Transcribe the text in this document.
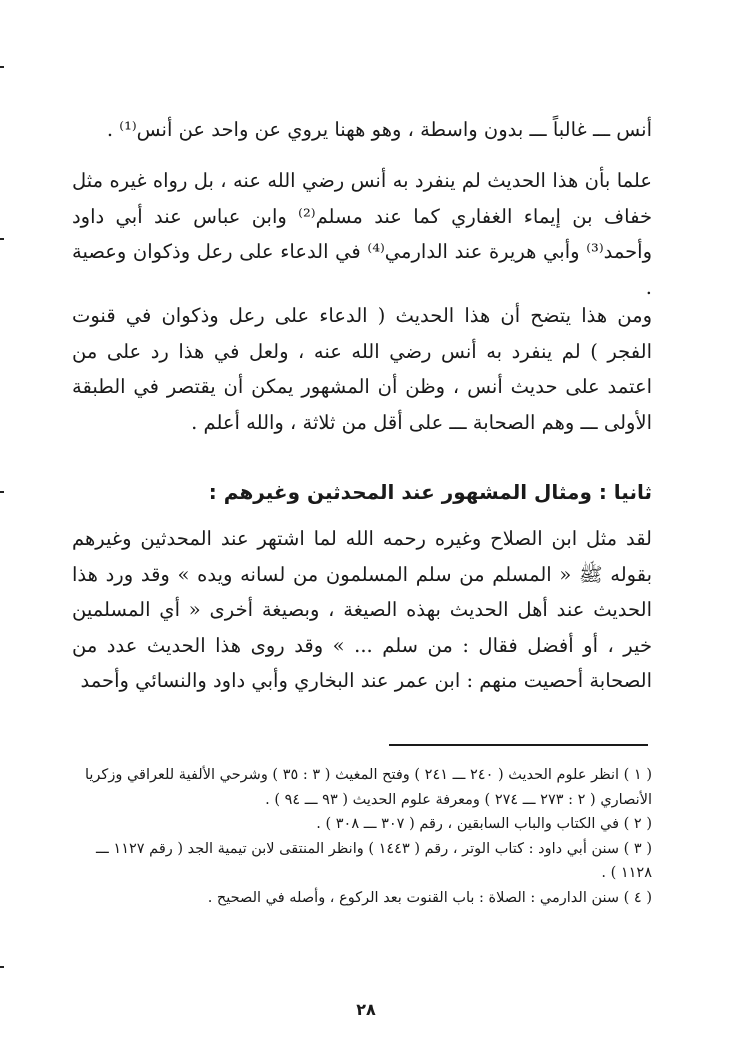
أنس ـــ غالباً ـــ بدون واسطة ، وهو ههنا يروي عن واحد عن أنس⁽¹⁾ .

علما بأن هذا الحديث لم ينفرد به أنس رضي الله عنه ، بل رواه غيره مثل خفاف بن إيماء الغفاري كما عند مسلم⁽²⁾ وابن عباس عند أبي داود وأحمد⁽³⁾ وأبي هريرة عند الدارمي⁽⁴⁾ في الدعاء على رعل وذكوان وعصية .

ومن هذا يتضح أن هذا الحديث ( الدعاء على رعل وذكوان في قنوت الفجر ) لم ينفرد به أنس رضي الله عنه ، ولعل في هذا رد على من اعتمد على حديث أنس ، وظن أن المشهور يمكن أن يقتصر في الطبقة الأولى ـــ وهم الصحابة ـــ على أقل من ثلاثة ، والله أعلم .

ثانيا : ومثال المشهور عند المحدثين وغيرهم :

لقد مثل ابن الصلاح وغيره رحمه الله لما اشتهر عند المحدثين وغيرهم بقوله ﷺ « المسلم من سلم المسلمون من لسانه ويده » وقد ورد هذا الحديث عند أهل الحديث بهذه الصيغة ، وبصيغة أخرى « أي المسلمين خير ، أو أفضل فقال : من سلم ... » وقد روى هذا الحديث عدد من الصحابة أحصيت منهم : ابن عمر عند البخاري وأبي داود والنسائي وأحمد

( ١ ) انظر علوم الحديث ( ٢٤٠ ـــ ٢٤١ ) وفتح المغيث ( ٣ : ٣٥ ) وشرحي الألفية للعراقي وزكريا الأنصاري ( ٢ : ٢٧٣ ـــ ٢٧٤ ) ومعرفة علوم الحديث ( ٩٣ ـــ ٩٤ ) .

( ٢ ) في الكتاب والباب السابقين ، رقم ( ٣٠٧ ـــ ٣٠٨ ) .

( ٣ ) سنن أبي داود : كتاب الوتر ، رقم ( ١٤٤٣ ) وانظر المنتقى لابن تيمية الجد ( رقم ١١٢٧ ـــ ١١٢٨ ) .

( ٤ ) سنن الدارمي : الصلاة : باب القنوت بعد الركوع ، وأصله في الصحيح .

٢٨
